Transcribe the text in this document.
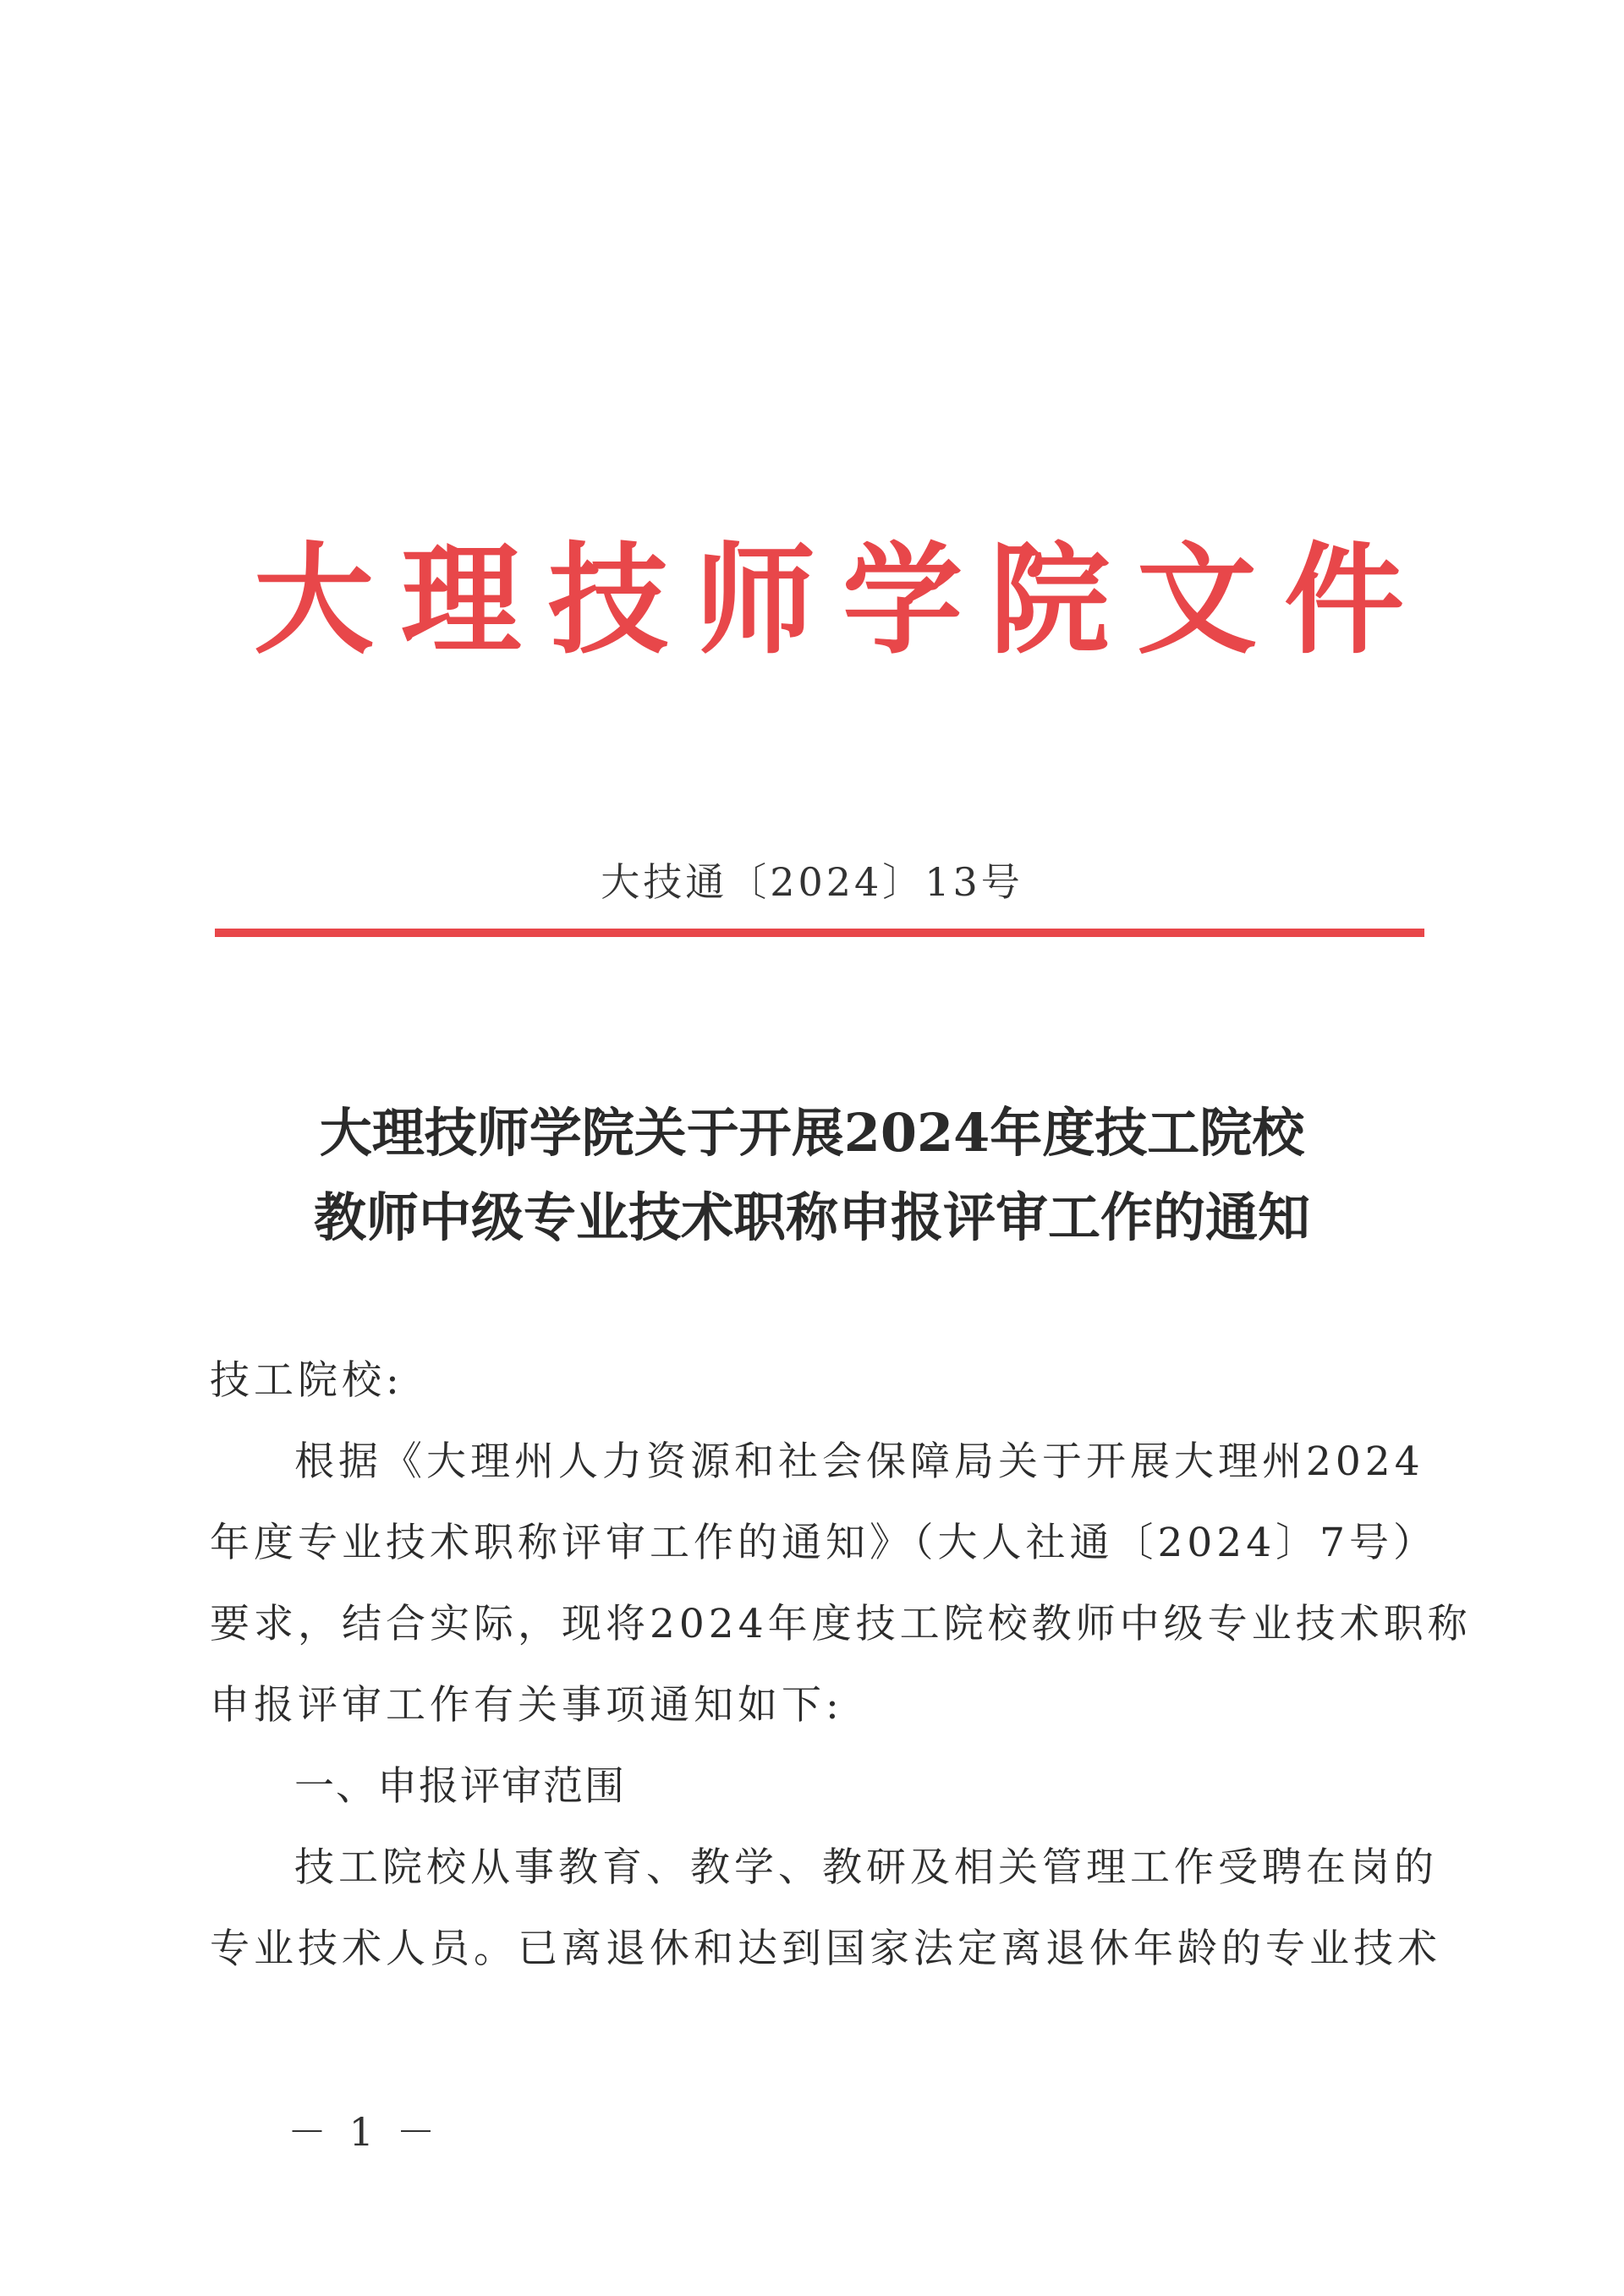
大理技师学院文件
大技通〔2024〕13号
大理技师学院关于开展2024年度技工院校
教师中级专业技术职称申报评审工作的通知
技工院校:
根据《大理州人力资源和社会保障局关于开展大理州2024
年度专业技术职称评审工作的通知》（大人社通〔2024〕7号）
要求，结合实际，现将2024年度技工院校教师中级专业技术职称
申报评审工作有关事项通知如下:
一、申报评审范围
技工院校从事教育、教学、教研及相关管理工作受聘在岗的
专业技术人员。已离退休和达到国家法定离退休年龄的专业技术
－ 1 －
